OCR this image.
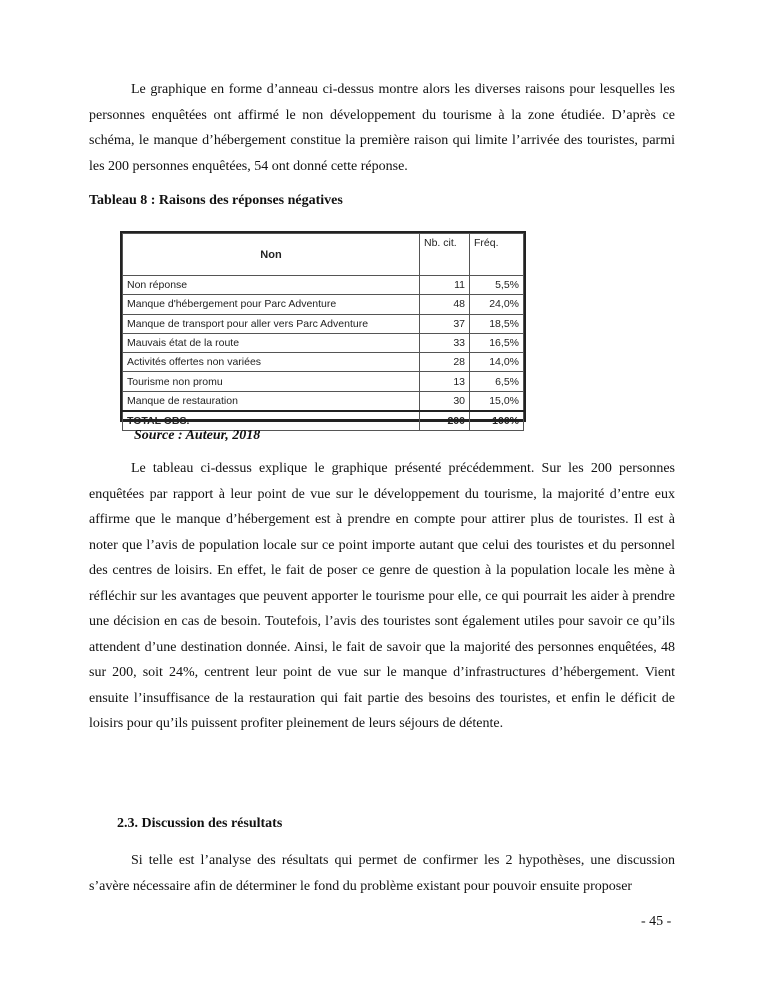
Le graphique en forme d’anneau ci-dessus montre alors les diverses raisons pour lesquelles les personnes enquêtées ont affirmé le non développement du tourisme à la zone étudiée. D’après ce schéma, le manque d’hébergement constitue la première raison qui limite l’arrivée des touristes, parmi les 200 personnes enquêtées, 54 ont donné cette réponse.

Tableau 8 : Raisons des réponses négatives
Non	Nb. cit.	Fréq.
Non réponse	11	5,5%
Manque d'hébergement pour Parc Adventure	48	24,0%
Manque de transport pour aller vers Parc Adventure	37	18,5%
Mauvais état de la route	33	16,5%
Activités offertes non variées	28	14,0%
Tourisme non promu	13	6,5%
Manque de restauration	30	15,0%
TOTAL OBS.	200	100%
Source : Auteur, 2018

Le tableau ci-dessus explique le graphique présenté précédemment. Sur les 200 personnes enquêtées par rapport à leur point de vue sur le développement du tourisme, la majorité d’entre eux affirme que le manque d’hébergement est à prendre en compte pour attirer plus de touristes. Il est à noter que l’avis de population locale sur ce point importe autant que celui des touristes et du personnel des centres de loisirs. En effet, le fait de poser ce genre de question à la population locale les mène à réfléchir sur les avantages que peuvent apporter le tourisme pour elle, ce qui pourrait les aider à prendre une décision en cas de besoin. Toutefois, l’avis des touristes sont également utiles pour savoir ce qu’ils attendent d’une destination donnée. Ainsi, le fait de savoir que la majorité des personnes enquêtées, 48 sur 200, soit 24%, centrent leur point de vue sur le manque d’infrastructures d’hébergement. Vient ensuite l’insuffisance de la restauration qui fait partie des besoins des touristes, et enfin le déficit de loisirs pour qu’ils puissent profiter pleinement de leurs séjours de détente.

2.3. Discussion des résultats

Si telle est l’analyse des résultats qui permet de confirmer les 2 hypothèses, une discussion s’avère nécessaire afin de déterminer le fond du problème existant pour pouvoir ensuite proposer

- 45 -
